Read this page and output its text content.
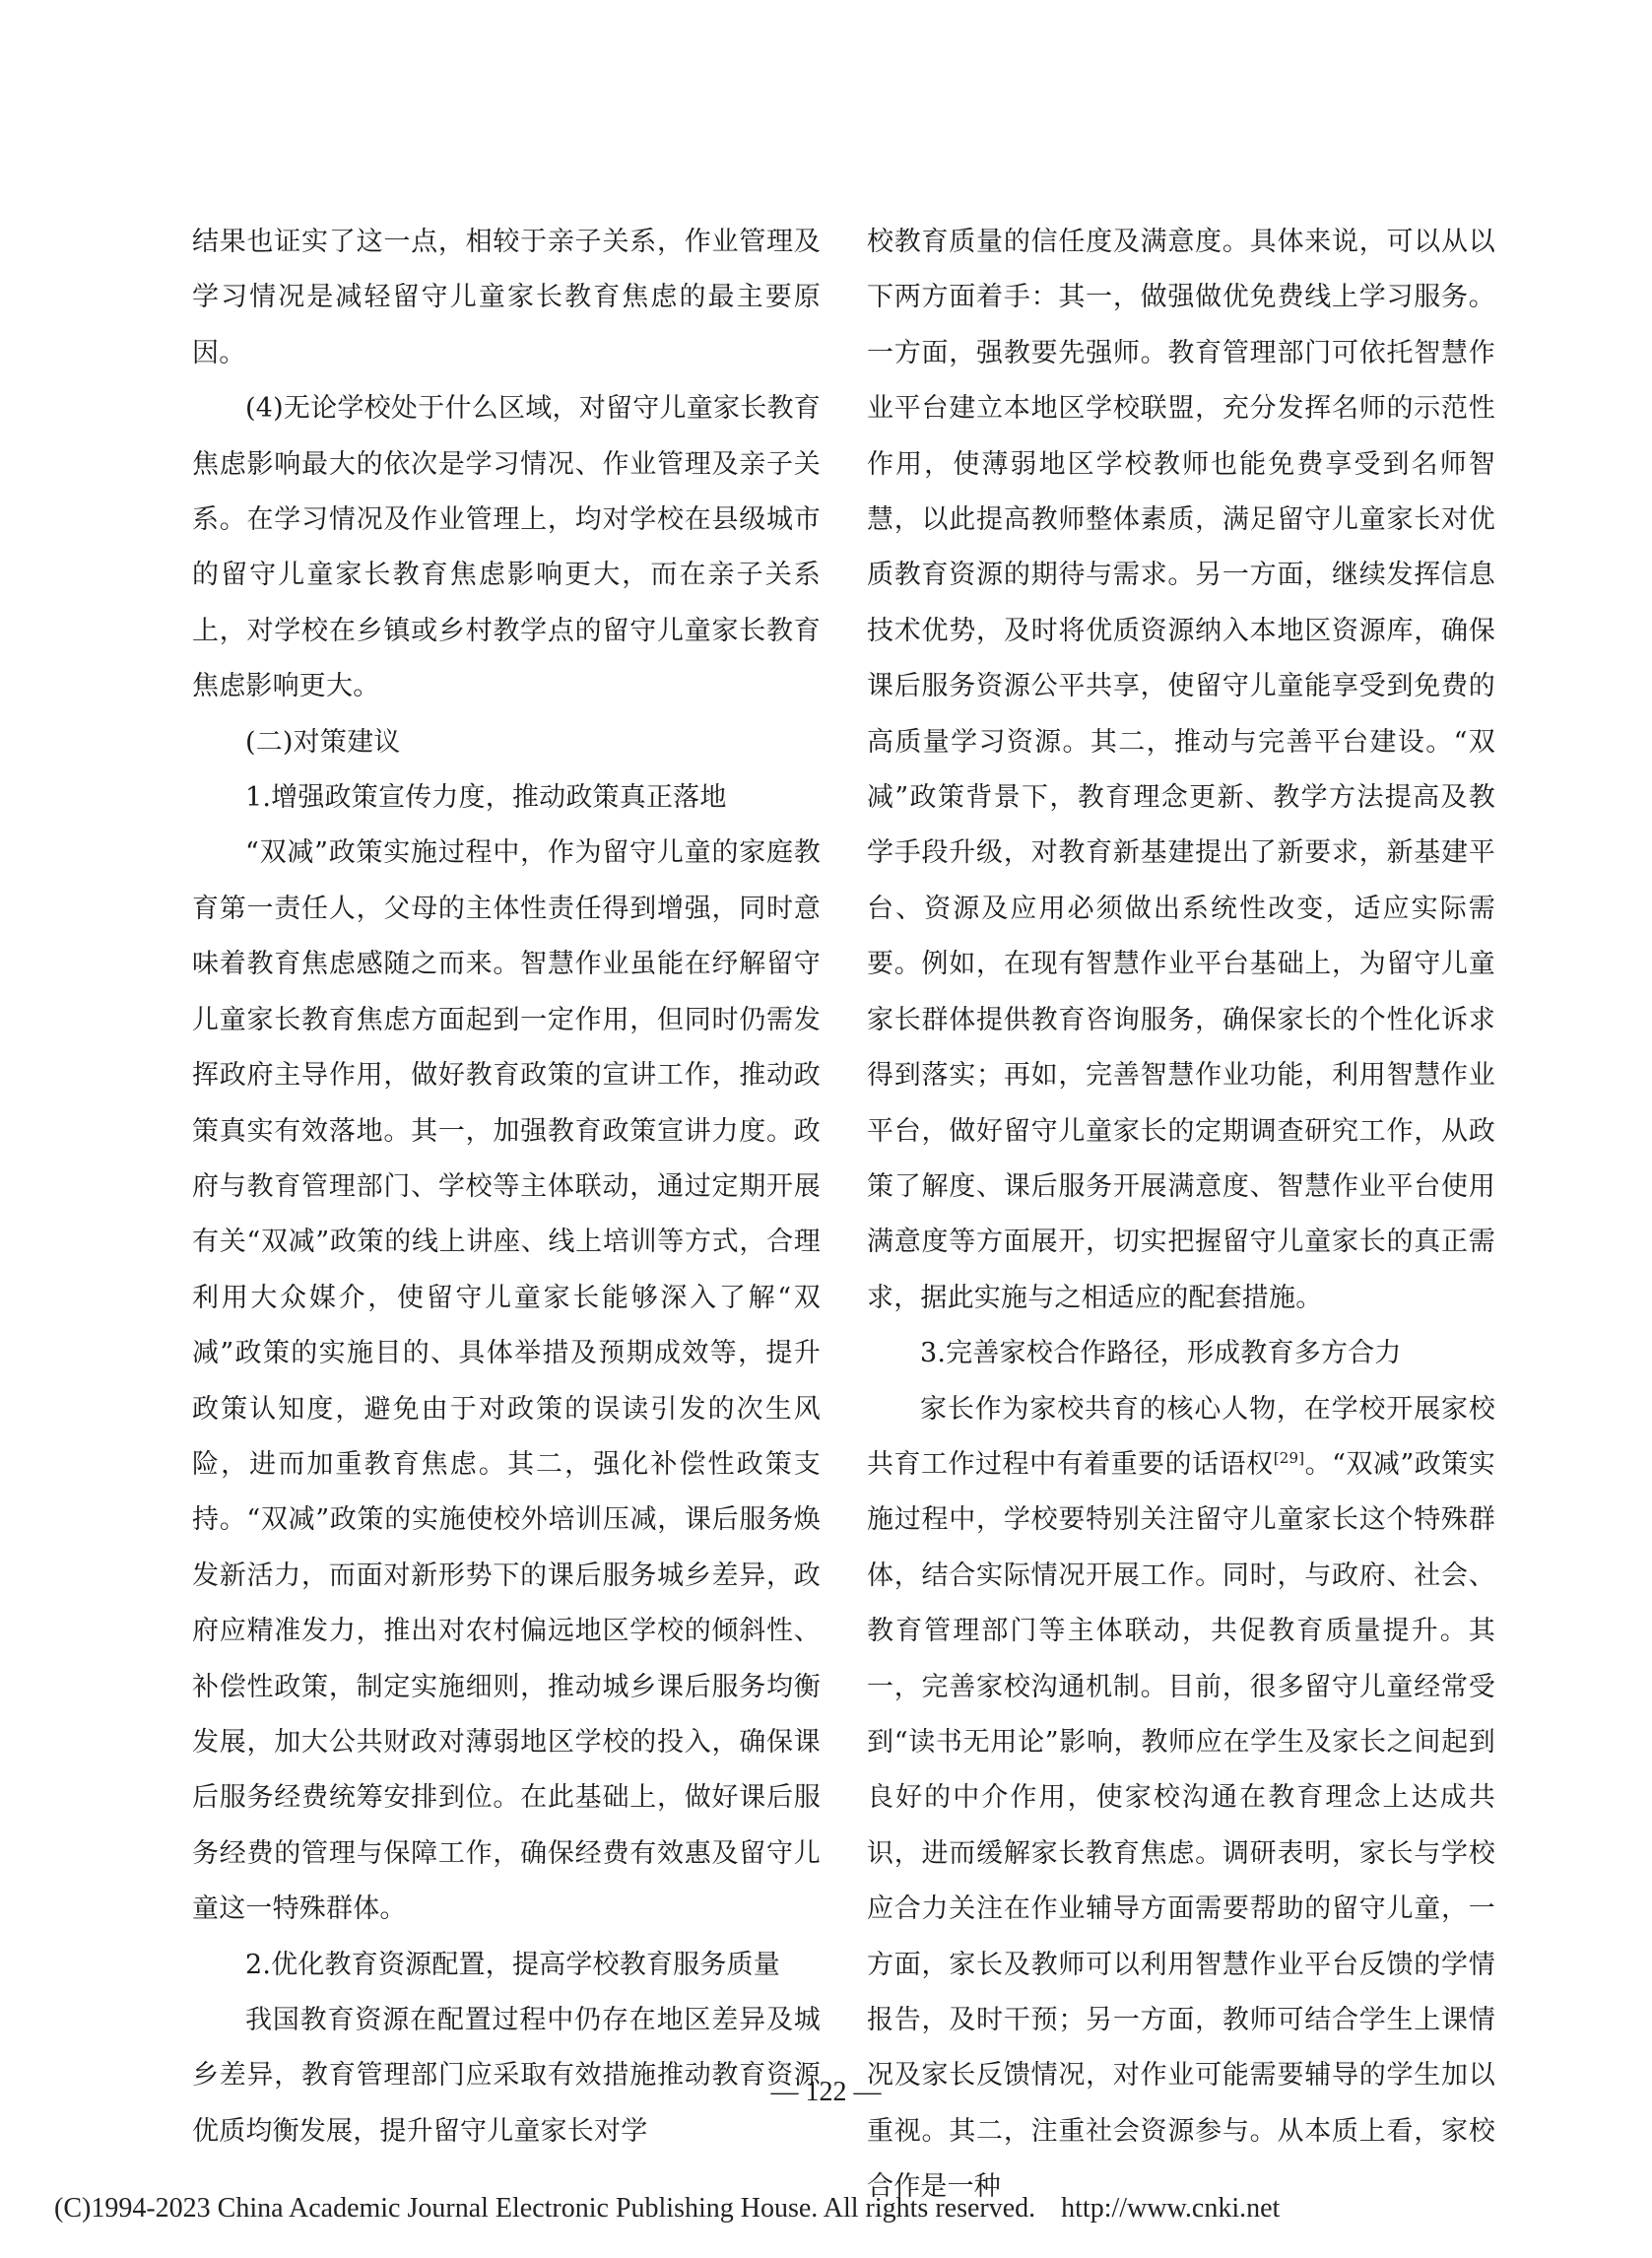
结果也证实了这一点，相较于亲子关系，作业管理及学习情况是减轻留守儿童家长教育焦虑的最主要原因。

(4)无论学校处于什么区域，对留守儿童家长教育焦虑影响最大的依次是学习情况、作业管理及亲子关系。在学习情况及作业管理上，均对学校在县级城市的留守儿童家长教育焦虑影响更大，而在亲子关系上，对学校在乡镇或乡村教学点的留守儿童家长教育焦虑影响更大。

(二)对策建议

1.增强政策宣传力度，推动政策真正落地

“双减”政策实施过程中，作为留守儿童的家庭教育第一责任人，父母的主体性责任得到增强，同时意味着教育焦虑感随之而来。智慧作业虽能在纾解留守儿童家长教育焦虑方面起到一定作用，但同时仍需发挥政府主导作用，做好教育政策的宣讲工作，推动政策真实有效落地。其一，加强教育政策宣讲力度。政府与教育管理部门、学校等主体联动，通过定期开展有关“双减”政策的线上讲座、线上培训等方式，合理利用大众媒介，使留守儿童家长能够深入了解“双减”政策的实施目的、具体举措及预期成效等，提升政策认知度，避免由于对政策的误读引发的次生风险，进而加重教育焦虑。其二，强化补偿性政策支持。“双减”政策的实施使校外培训压减，课后服务焕发新活力，而面对新形势下的课后服务城乡差异，政府应精准发力，推出对农村偏远地区学校的倾斜性、补偿性政策，制定实施细则，推动城乡课后服务均衡发展，加大公共财政对薄弱地区学校的投入，确保课后服务经费统筹安排到位。在此基础上，做好课后服务经费的管理与保障工作，确保经费有效惠及留守儿童这一特殊群体。

2.优化教育资源配置，提高学校教育服务质量

我国教育资源在配置过程中仍存在地区差异及城乡差异，教育管理部门应采取有效措施推动教育资源优质均衡发展，提升留守儿童家长对学

校教育质量的信任度及满意度。具体来说，可以从以下两方面着手：其一，做强做优免费线上学习服务。一方面，强教要先强师。教育管理部门可依托智慧作业平台建立本地区学校联盟，充分发挥名师的示范性作用，使薄弱地区学校教师也能免费享受到名师智慧，以此提高教师整体素质，满足留守儿童家长对优质教育资源的期待与需求。另一方面，继续发挥信息技术优势，及时将优质资源纳入本地区资源库，确保课后服务资源公平共享，使留守儿童能享受到免费的高质量学习资源。其二，推动与完善平台建设。“双减”政策背景下，教育理念更新、教学方法提高及教学手段升级，对教育新基建提出了新要求，新基建平台、资源及应用必须做出系统性改变，适应实际需要。例如，在现有智慧作业平台基础上，为留守儿童家长群体提供教育咨询服务，确保家长的个性化诉求得到落实；再如，完善智慧作业功能，利用智慧作业平台，做好留守儿童家长的定期调查研究工作，从政策了解度、课后服务开展满意度、智慧作业平台使用满意度等方面展开，切实把握留守儿童家长的真正需求，据此实施与之相适应的配套措施。

3.完善家校合作路径，形成教育多方合力

家长作为家校共育的核心人物，在学校开展家校共育工作过程中有着重要的话语权[29]。“双减”政策实施过程中，学校要特别关注留守儿童家长这个特殊群体，结合实际情况开展工作。同时，与政府、社会、教育管理部门等主体联动，共促教育质量提升。其一，完善家校沟通机制。目前，很多留守儿童经常受到“读书无用论”影响，教师应在学生及家长之间起到良好的中介作用，使家校沟通在教育理念上达成共识，进而缓解家长教育焦虑。调研表明，家长与学校应合力关注在作业辅导方面需要帮助的留守儿童，一方面，家长及教师可以利用智慧作业平台反馈的学情报告，及时干预；另一方面，教师可结合学生上课情况及家长反馈情况，对作业可能需要辅导的学生加以重视。其二，注重社会资源参与。从本质上看，家校合作是一种

— 122 —
(C)1994-2023 China Academic Journal Electronic Publishing House. All rights reserved. http://www.cnki.net
